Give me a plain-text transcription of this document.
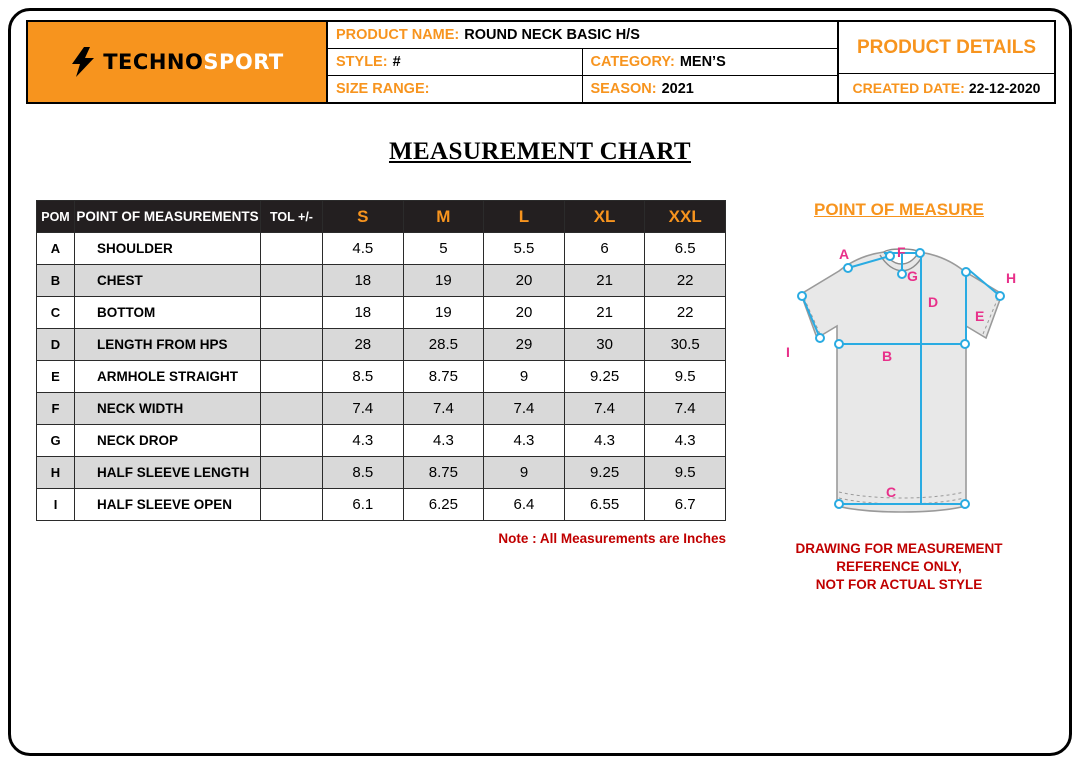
TECHNOSPORT
PRODUCT NAME: ROUND NECK BASIC H/S
STYLE: #	CATEGORY: MEN’S
SIZE RANGE:	SEASON: 2021
PRODUCT DETAILS
CREATED DATE: 22-12-2020
MEASUREMENT CHART
POM	POINT OF MEASUREMENTS	TOL +/-	S	M	L	XL	XXL
A	SHOULDER		4.5	5	5.5	6	6.5
B	CHEST		18	19	20	21	22
C	BOTTOM		18	19	20	21	22
D	LENGTH FROM HPS		28	28.5	29	30	30.5
E	ARMHOLE STRAIGHT		8.5	8.75	9	9.25	9.5
F	NECK WIDTH		7.4	7.4	7.4	7.4	7.4
G	NECK DROP		4.3	4.3	4.3	4.3	4.3
H	HALF SLEEVE LENGTH		8.5	8.75	9	9.25	9.5
I	HALF SLEEVE OPEN		6.1	6.25	6.4	6.55	6.7
Note : All Measurements are Inches
POINT OF MEASURE
A	F
G	H
D
E
I	B
C
DRAWING FOR MEASUREMENT
REFERENCE ONLY,
NOT FOR ACTUAL STYLE
